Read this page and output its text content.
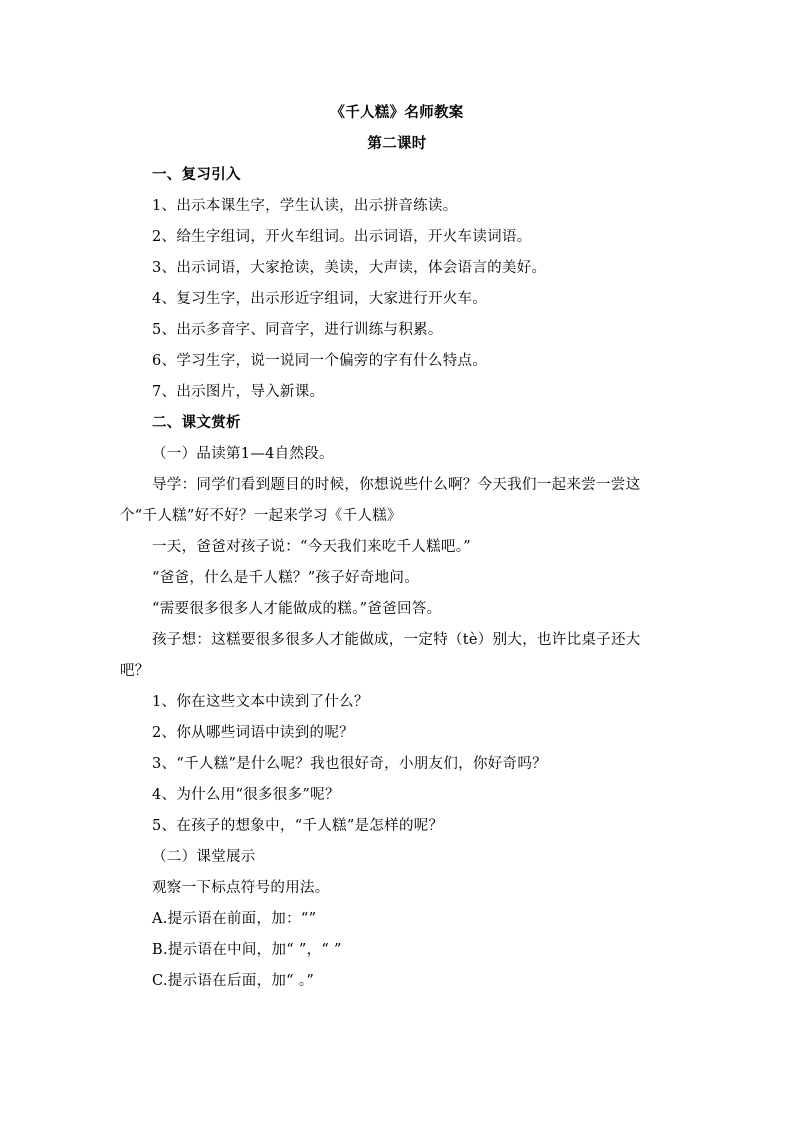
《千人糕》名师教案
第二课时
一、复习引入
1、出示本课生字，学生认读，出示拼音练读。
2、给生字组词，开火车组词。出示词语，开火车读词语。
3、出示词语，大家抢读，美读，大声读，体会语言的美好。
4、复习生字，出示形近字组词，大家进行开火车。
5、出示多音字、同音字，进行训练与积累。
6、学习生字，说一说同一个偏旁的字有什么特点。
7、出示图片，导入新课。
二、课文赏析
（一）品读第1—4自然段。
导学：同学们看到题目的时候，你想说些什么啊？今天我们一起来尝一尝这
个“千人糕”好不好？一起来学习《千人糕》
一天，爸爸对孩子说：“今天我们来吃千人糕吧。”
“爸爸，什么是千人糕？”孩子好奇地问。
“需要很多很多人才能做成的糕。”爸爸回答。
孩子想：这糕要很多很多人才能做成，一定特（tè）别大，也许比桌子还大
吧？
1、你在这些文本中读到了什么？
2、你从哪些词语中读到的呢？
3、“千人糕”是什么呢？我也很好奇，小朋友们，你好奇吗？
4、为什么用“很多很多”呢？
5、在孩子的想象中，“千人糕”是怎样的呢？
（二）课堂展示
观察一下标点符号的用法。
A.提示语在前面，加：“”
B.提示语在中间，加“ ”，“ ”
C.提示语在后面，加“ 。”
